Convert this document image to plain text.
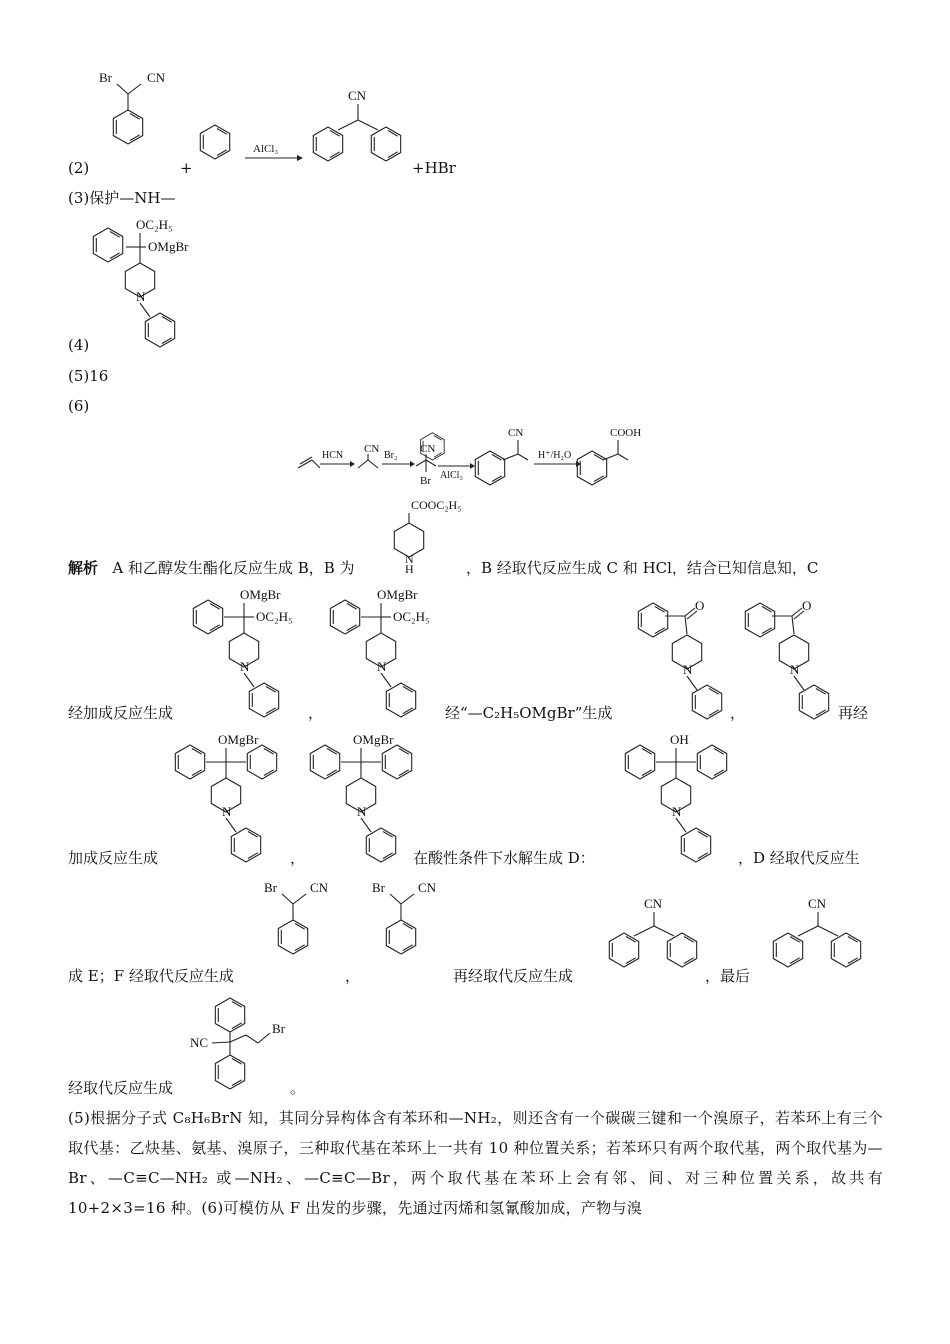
(2)
Br	CN
+
AlCl₃
CN
+HBr
(3)保护—NH—
OC₂H₅
OMgBr
N
(4)
(5)16
(6)
HCN
CN
Br₂
CN
Br AlCl₃
CN
H⁺/H₂O
COOH
COOC₂H₅
N
H
解析 A 和乙醇发生酯化反应生成 B，B 为	，B 经取代反应生成 C 和 HCl，结合已知信息知，C
经加成反应生成
OMgBr
OC₂H₅
N
，
OMgBr
OC₂H₅
N
经“—C₂H₅OMgBr”生成
O
N
，
O
N
再经
加成反应生成
OMgBr
N
，
OMgBr
N
在酸性条件下水解生成 D：
OH
N
，D 经取代反应生
成 E；F 经取代反应生成
Br	CN
，
Br	CN
再经取代反应生成
CN
，最后
CN
经取代反应生成
NC
Br
。
(5)根据分子式 C₈H₆BrN 知，其同分异构体含有苯环和—NH₂，则还含有一个碳碳三键和一个溴原子，若苯环上有三个取代基：乙炔基、氨基、溴原子，三种取代基在苯环上一共有 10 种位置关系；若苯环只有两个取代基，两个取代基为—Br、—C≡C—NH₂ 或—NH₂、—C≡C—Br，两个取代基在苯环上会有邻、间、对三种位置关系，故共有 10+2×3=16 种。(6)可模仿从 F 出发的步骤，先通过丙烯和氢氰酸加成，产物与溴
